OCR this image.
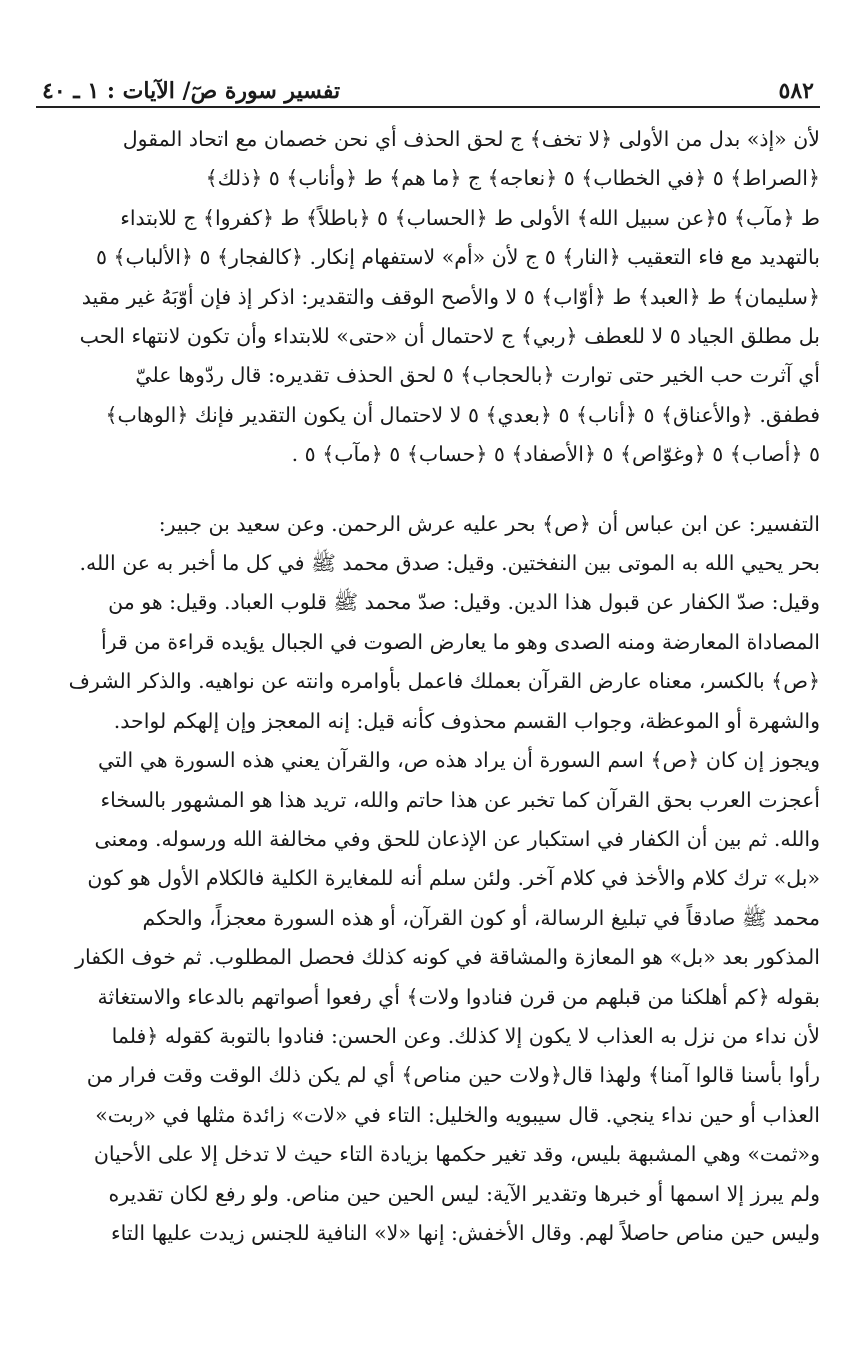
٥٨٢
تفسير سورة صٓ/ الآيات : ١ ـ ٤٠
لأن «إذ» بدل من الأولى ﴿لا تخف﴾ ج لحق الحذف أي نحن خصمان مع اتحاد المقول
﴿الصراط﴾ ٥ ﴿في الخطاب﴾ ٥ ﴿نعاجه﴾ ج ﴿ما هم﴾ ط ﴿وأناب﴾ ٥ ﴿ذلك﴾
ط ﴿مآب﴾ ٥﴿عن سبيل الله﴾ الأولى ط ﴿الحساب﴾ ٥ ﴿باطلاً﴾ ط ﴿كفروا﴾ ج للابتداء
بالتهديد مع فاء التعقيب ﴿النار﴾ ٥ ج لأن «أم» لاستفهام إنكار. ﴿كالفجار﴾ ٥ ﴿الألباب﴾ ٥
﴿سليمان﴾ ط ﴿العبد﴾ ط ﴿أوّاب﴾ ٥ لا والأصح الوقف والتقدير: اذكر إذ فإن أوّبَهُ غير مقيد
بل مطلق الجياد ٥ لا للعطف ﴿ربي﴾ ج لاحتمال أن «حتى» للابتداء وأن تكون لانتهاء الحب
أي آثرت حب الخير حتى توارت ﴿بالحجاب﴾ ٥ لحق الحذف تقديره: قال ردّوها عليّ
فطفق. ﴿والأعناق﴾ ٥ ﴿أناب﴾ ٥ ﴿بعدي﴾ ٥ لا لاحتمال أن يكون التقدير فإنك ﴿الوهاب﴾
٥ ﴿أصاب﴾ ٥ ﴿وغوّاص﴾ ٥ ﴿الأصفاد﴾ ٥ ﴿حساب﴾ ٥ ﴿مآب﴾ ٥ .
التفسير: عن ابن عباس أن ﴿ص﴾ بحر عليه عرش الرحمن. وعن سعيد بن جبير:
بحر يحيي الله به الموتى بين النفختين. وقيل: صدق محمد ﷺ في كل ما أخبر به عن الله.
وقيل: صدّ الكفار عن قبول هذا الدين. وقيل: صدّ محمد ﷺ قلوب العباد. وقيل: هو من
المصاداة المعارضة ومنه الصدى وهو ما يعارض الصوت في الجبال يؤيده قراءة من قرأ
﴿ص﴾ بالكسر، معناه عارض القرآن بعملك فاعمل بأوامره وانته عن نواهيه. والذكر الشرف
والشهرة أو الموعظة، وجواب القسم محذوف كأنه قيل: إنه المعجز وإن إلهكم لواحد.
ويجوز إن كان ﴿ص﴾ اسم السورة أن يراد هذه ص، والقرآن يعني هذه السورة هي التي
أعجزت العرب بحق القرآن كما تخبر عن هذا حاتم والله، تريد هذا هو المشهور بالسخاء
والله. ثم بين أن الكفار في استكبار عن الإذعان للحق وفي مخالفة الله ورسوله. ومعنى
«بل» ترك كلام والأخذ في كلام آخر. ولئن سلم أنه للمغايرة الكلية فالكلام الأول هو كون
محمد ﷺ صادقاً في تبليغ الرسالة، أو كون القرآن، أو هذه السورة معجزاً، والحكم
المذكور بعد «بل» هو المعازة والمشاقة في كونه كذلك فحصل المطلوب. ثم خوف الكفار
بقوله ﴿كم أهلكنا من قبلهم من قرن فنادوا ولات﴾ أي رفعوا أصواتهم بالدعاء والاستغاثة
لأن نداء من نزل به العذاب لا يكون إلا كذلك. وعن الحسن: فنادوا بالتوبة كقوله ﴿فلما
رأوا بأسنا قالوا آمنا﴾ ولهذا قال﴿ولات حين مناص﴾ أي لم يكن ذلك الوقت وقت فرار من
العذاب أو حين نداء ينجي. قال سيبويه والخليل: التاء في «لات» زائدة مثلها في «ربت»
و«ثمت» وهي المشبهة بليس، وقد تغير حكمها بزيادة التاء حيث لا تدخل إلا على الأحيان
ولم يبرز إلا اسمها أو خبرها وتقدير الآية: ليس الحين حين مناص. ولو رفع لكان تقديره
وليس حين مناص حاصلاً لهم. وقال الأخفش: إنها «لا» النافية للجنس زيدت عليها التاء
